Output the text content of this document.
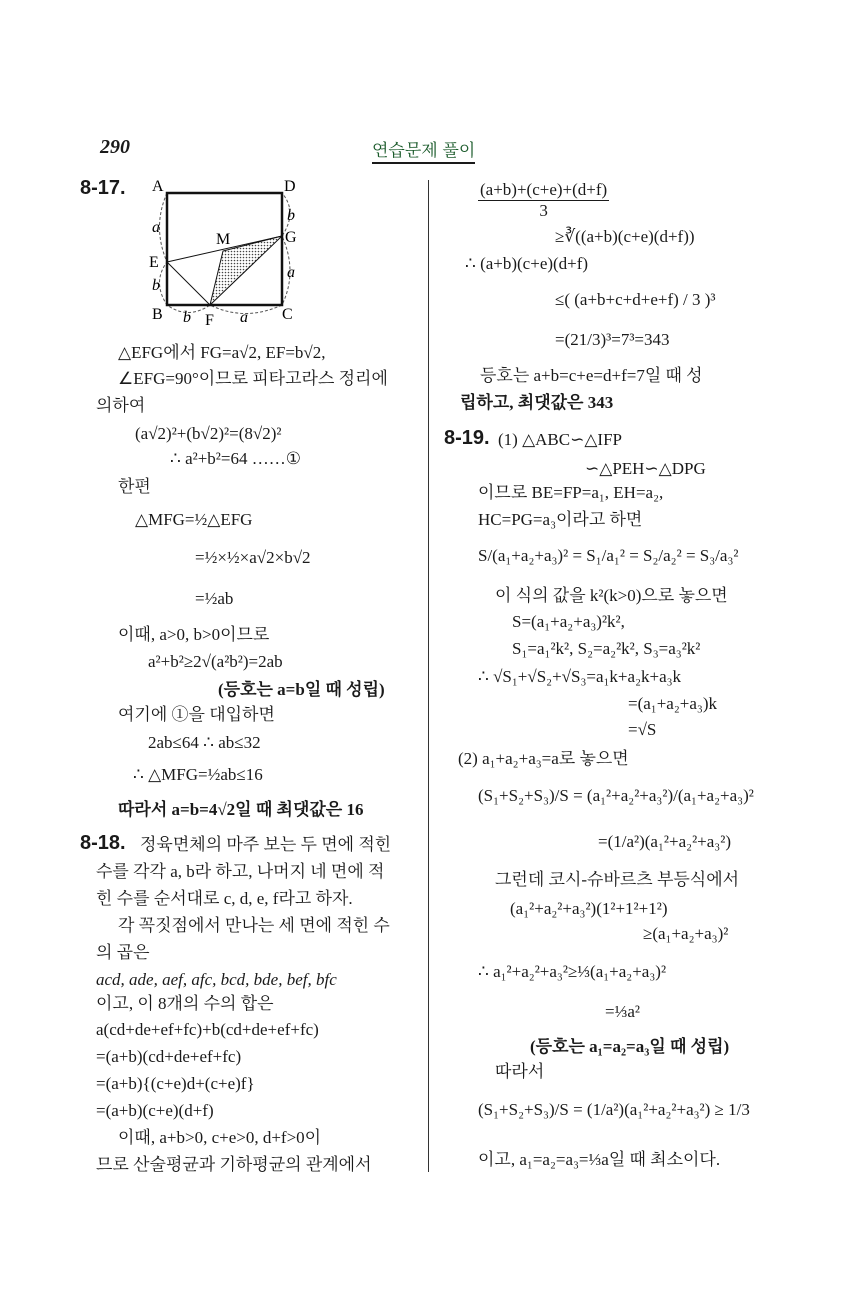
290	연습문제 풀이
8-17. A	D
E
G
M
B	F	C
a
b
b
a
b	a
△EFG에서 FG=a√2, EF=b√2,
∠EFG=90°이므로 피타고라스 정리에
의하여
(a√2)²+(b√2)²=(8√2)²
∴ a²+b²=64 ……①
한편
△MFG=½△EFG
=½×½×a√2×b√2
=½ab
이때, a>0, b>0이므로
a²+b²≥2√(a²b²)=2ab
(등호는 a=b일 때 성립)
여기에 ①을 대입하면
2ab≤64 ∴ ab≤32
∴ △MFG=½ab≤16
따라서 a=b=4√2일 때 최댓값은 16
8-18. 정육면체의 마주 보는 두 면에 적힌
수를 각각 a, b라 하고, 나머지 네 면에 적
힌 수를 순서대로 c, d, e, f라고 하자.
각 꼭짓점에서 만나는 세 면에 적힌 수
의 곱은
acd, ade, aef, afc, bcd, bde, bef, bfc
이고, 이 8개의 수의 합은
a(cd+de+ef+fc)+b(cd+de+ef+fc)
=(a+b)(cd+de+ef+fc)
=(a+b){(c+e)d+(c+e)f}
=(a+b)(c+e)(d+f)
이때, a+b>0, c+e>0, d+f>0이
므로 산술평균과 기하평균의 관계에서
$\frac{(a+b)+(c+e)+(d+f)}{3}$
≥∛((a+b)(c+e)(d+f))
∴ (a+b)(c+e)(d+f)
≤( (a+b+c+d+e+f) / 3 )³
=(21/3)³=7³=343
등호는 a+b=c+e=d+f=7일 때 성
립하고, 최댓값은 343
8-19. (1) △ABC∽△IFP
∽△PEH∽△DPG
이므로 BE=FP=a₁, EH=a₂,
HC=PG=a₃이라고 하면
S/(a₁+a₂+a₃)² = S₁/a₁² = S₂/a₂² = S₃/a₃²
이 식의 값을 k²(k>0)으로 놓으면
S=(a₁+a₂+a₃)²k²,
S₁=a₁²k², S₂=a₂²k², S₃=a₃²k²
∴ √S₁+√S₂+√S₃=a₁k+a₂k+a₃k
=(a₁+a₂+a₃)k
=√S
(2) a₁+a₂+a₃=a로 놓으면
(S₁+S₂+S₃)/S = (a₁²+a₂²+a₃²)/(a₁+a₂+a₃)²
=(1/a²)(a₁²+a₂²+a₃²)
그런데 코시-슈바르츠 부등식에서
(a₁²+a₂²+a₃²)(1²+1²+1²)
≥(a₁+a₂+a₃)²
∴ a₁²+a₂²+a₃²≥⅓(a₁+a₂+a₃)²
=⅓a²
(등호는 a₁=a₂=a₃일 때 성립)
따라서
(S₁+S₂+S₃)/S = (1/a²)(a₁²+a₂²+a₃²) ≥ 1/3
이고, a₁=a₂=a₃=⅓a일 때 최소이다.
